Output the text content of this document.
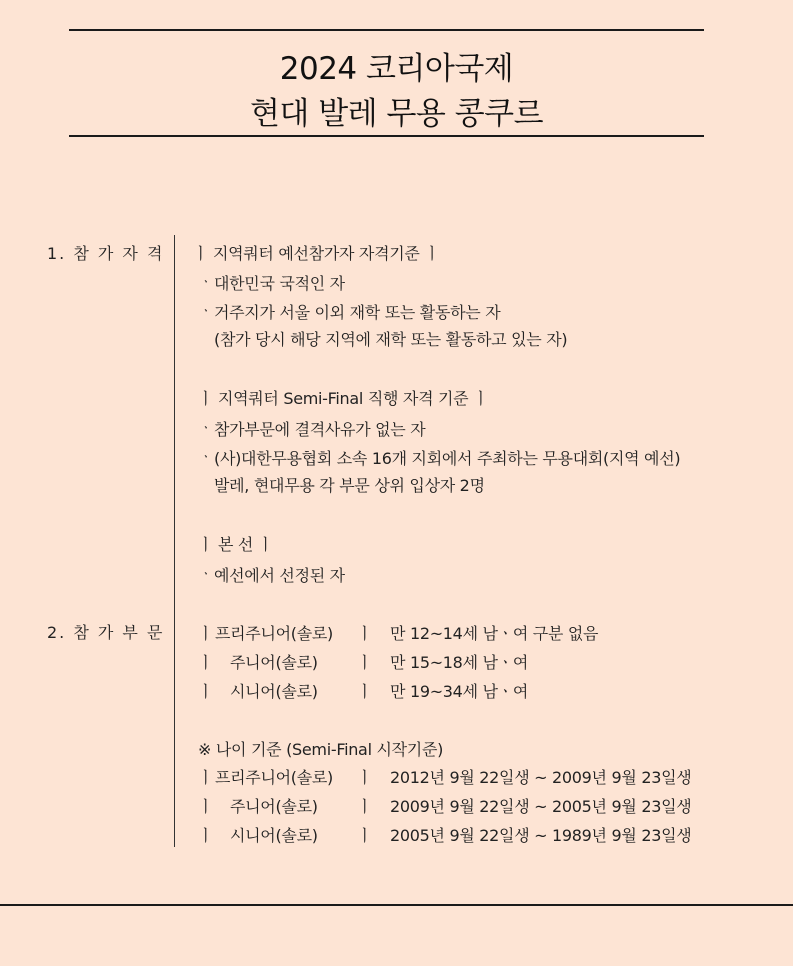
2024 코리아국제
현대 발레 무용 콩쿠르
1. 참 가 자 격
2. 참 가 부 문
ㅣ 지역쿼터 예선참가자 자격기준 ㅣ
ㆍ 대한민국 국적인 자
ㆍ 거주지가 서울 이외 재학 또는 활동하는 자
(참가 당시 해당 지역에 재학 또는 활동하고 있는 자)
ㅣ 지역쿼터 Semi-Final 직행 자격 기준 ㅣ
ㆍ 참가부문에 결격사유가 없는 자
ㆍ (사)대한무용협회 소속 16개 지회에서 주최하는 무용대회(지역 예선)
발레, 현대무용 각 부문 상위 입상자 2명
ㅣ 본 선 ㅣ
ㆍ 예선에서 선정된 자
ㅣ 프리주니어(솔로) ㅣ 만 12~14세 남ㆍ여 구분 없음
ㅣ 주니어(솔로) ㅣ 만 15~18세 남ㆍ여
ㅣ 시니어(솔로) ㅣ 만 19~34세 남ㆍ여
※ 나이 기준 (Semi-Final 시작기준)
ㅣ 프리주니어(솔로) ㅣ 2012년 9월 22일생 ~ 2009년 9월 23일생
ㅣ 주니어(솔로) ㅣ 2009년 9월 22일생 ~ 2005년 9월 23일생
ㅣ 시니어(솔로) ㅣ 2005년 9월 22일생 ~ 1989년 9월 23일생
